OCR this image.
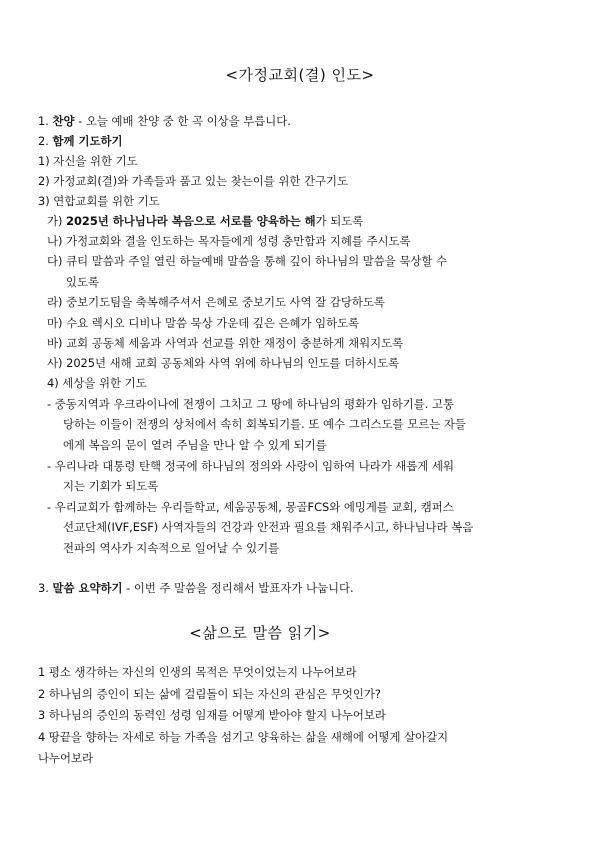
<가정교회(결) 인도>
1. 찬양 - 오늘 예배 찬양 중 한 곡 이상을 부릅니다.
2. 함께 기도하기
1) 자신을 위한 기도
2) 가정교회(결)와 가족들과 품고 있는 찾는이를 위한 간구기도
3) 연합교회를 위한 기도
가) 2025년 하나님나라 복음으로 서로를 양육하는 해가 되도록
나) 가정교회와 결을 인도하는 목자들에게 성령 충만함과 지혜를 주시도록
다) 큐티 말씀과 주일 열린 하늘예배 말씀을 통해 깊이 하나님의 말씀을 묵상할 수
있도록
라) 중보기도팀을 축복해주셔서 은혜로 중보기도 사역 잘 감당하도록
마) 수요 렉시오 디비나 말씀 묵상 가운데 깊은 은혜가 임하도록
바) 교회 공동체 세움과 사역과 선교를 위한 재정이 충분하게 채워지도록
사) 2025년 새해 교회 공동체와 사역 위에 하나님의 인도를 더하시도록
4) 세상을 위한 기도
- 중동지역과 우크라이나에 전쟁이 그치고 그 땅에 하나님의 평화가 임하기를. 고통
당하는 이들이 전쟁의 상처에서 속히 회복되기를. 또 예수 그리스도를 모르는 자들
에게 복음의 문이 열려 주님을 만나 알 수 있게 되기를
- 우리나라 대통령 탄핵 정국에 하나님의 정의와 사랑이 임하여 나라가 새롭게 세워
지는 기회가 되도록
- 우리교회가 함께하는 우리들학교, 세움공동체, 몽골FCS와 에밍게를 교회, 캠퍼스
선교단체(IVF,ESF) 사역자들의 건강과 안전과 필요를 채워주시고, 하나님나라 복음
전파의 역사가 지속적으로 일어날 수 있기를
3. 말씀 요약하기 - 이번 주 말씀을 정리해서 발표자가 나눕니다.
<삶으로 말씀 읽기>
1 평소 생각하는 자신의 인생의 목적은 무엇이었는지 나누어보라
2 하나님의 증인이 되는 삶에 걸림돌이 되는 자신의 관심은 무엇인가?
3 하나님의 증인의 동력인 성령 임재를 어떻게 받아야 할지 나누어보라
4 땅끝을 향하는 자세로 하늘 가족을 섬기고 양육하는 삶을 새해에 어떻게 살아갈지
나누어보라
